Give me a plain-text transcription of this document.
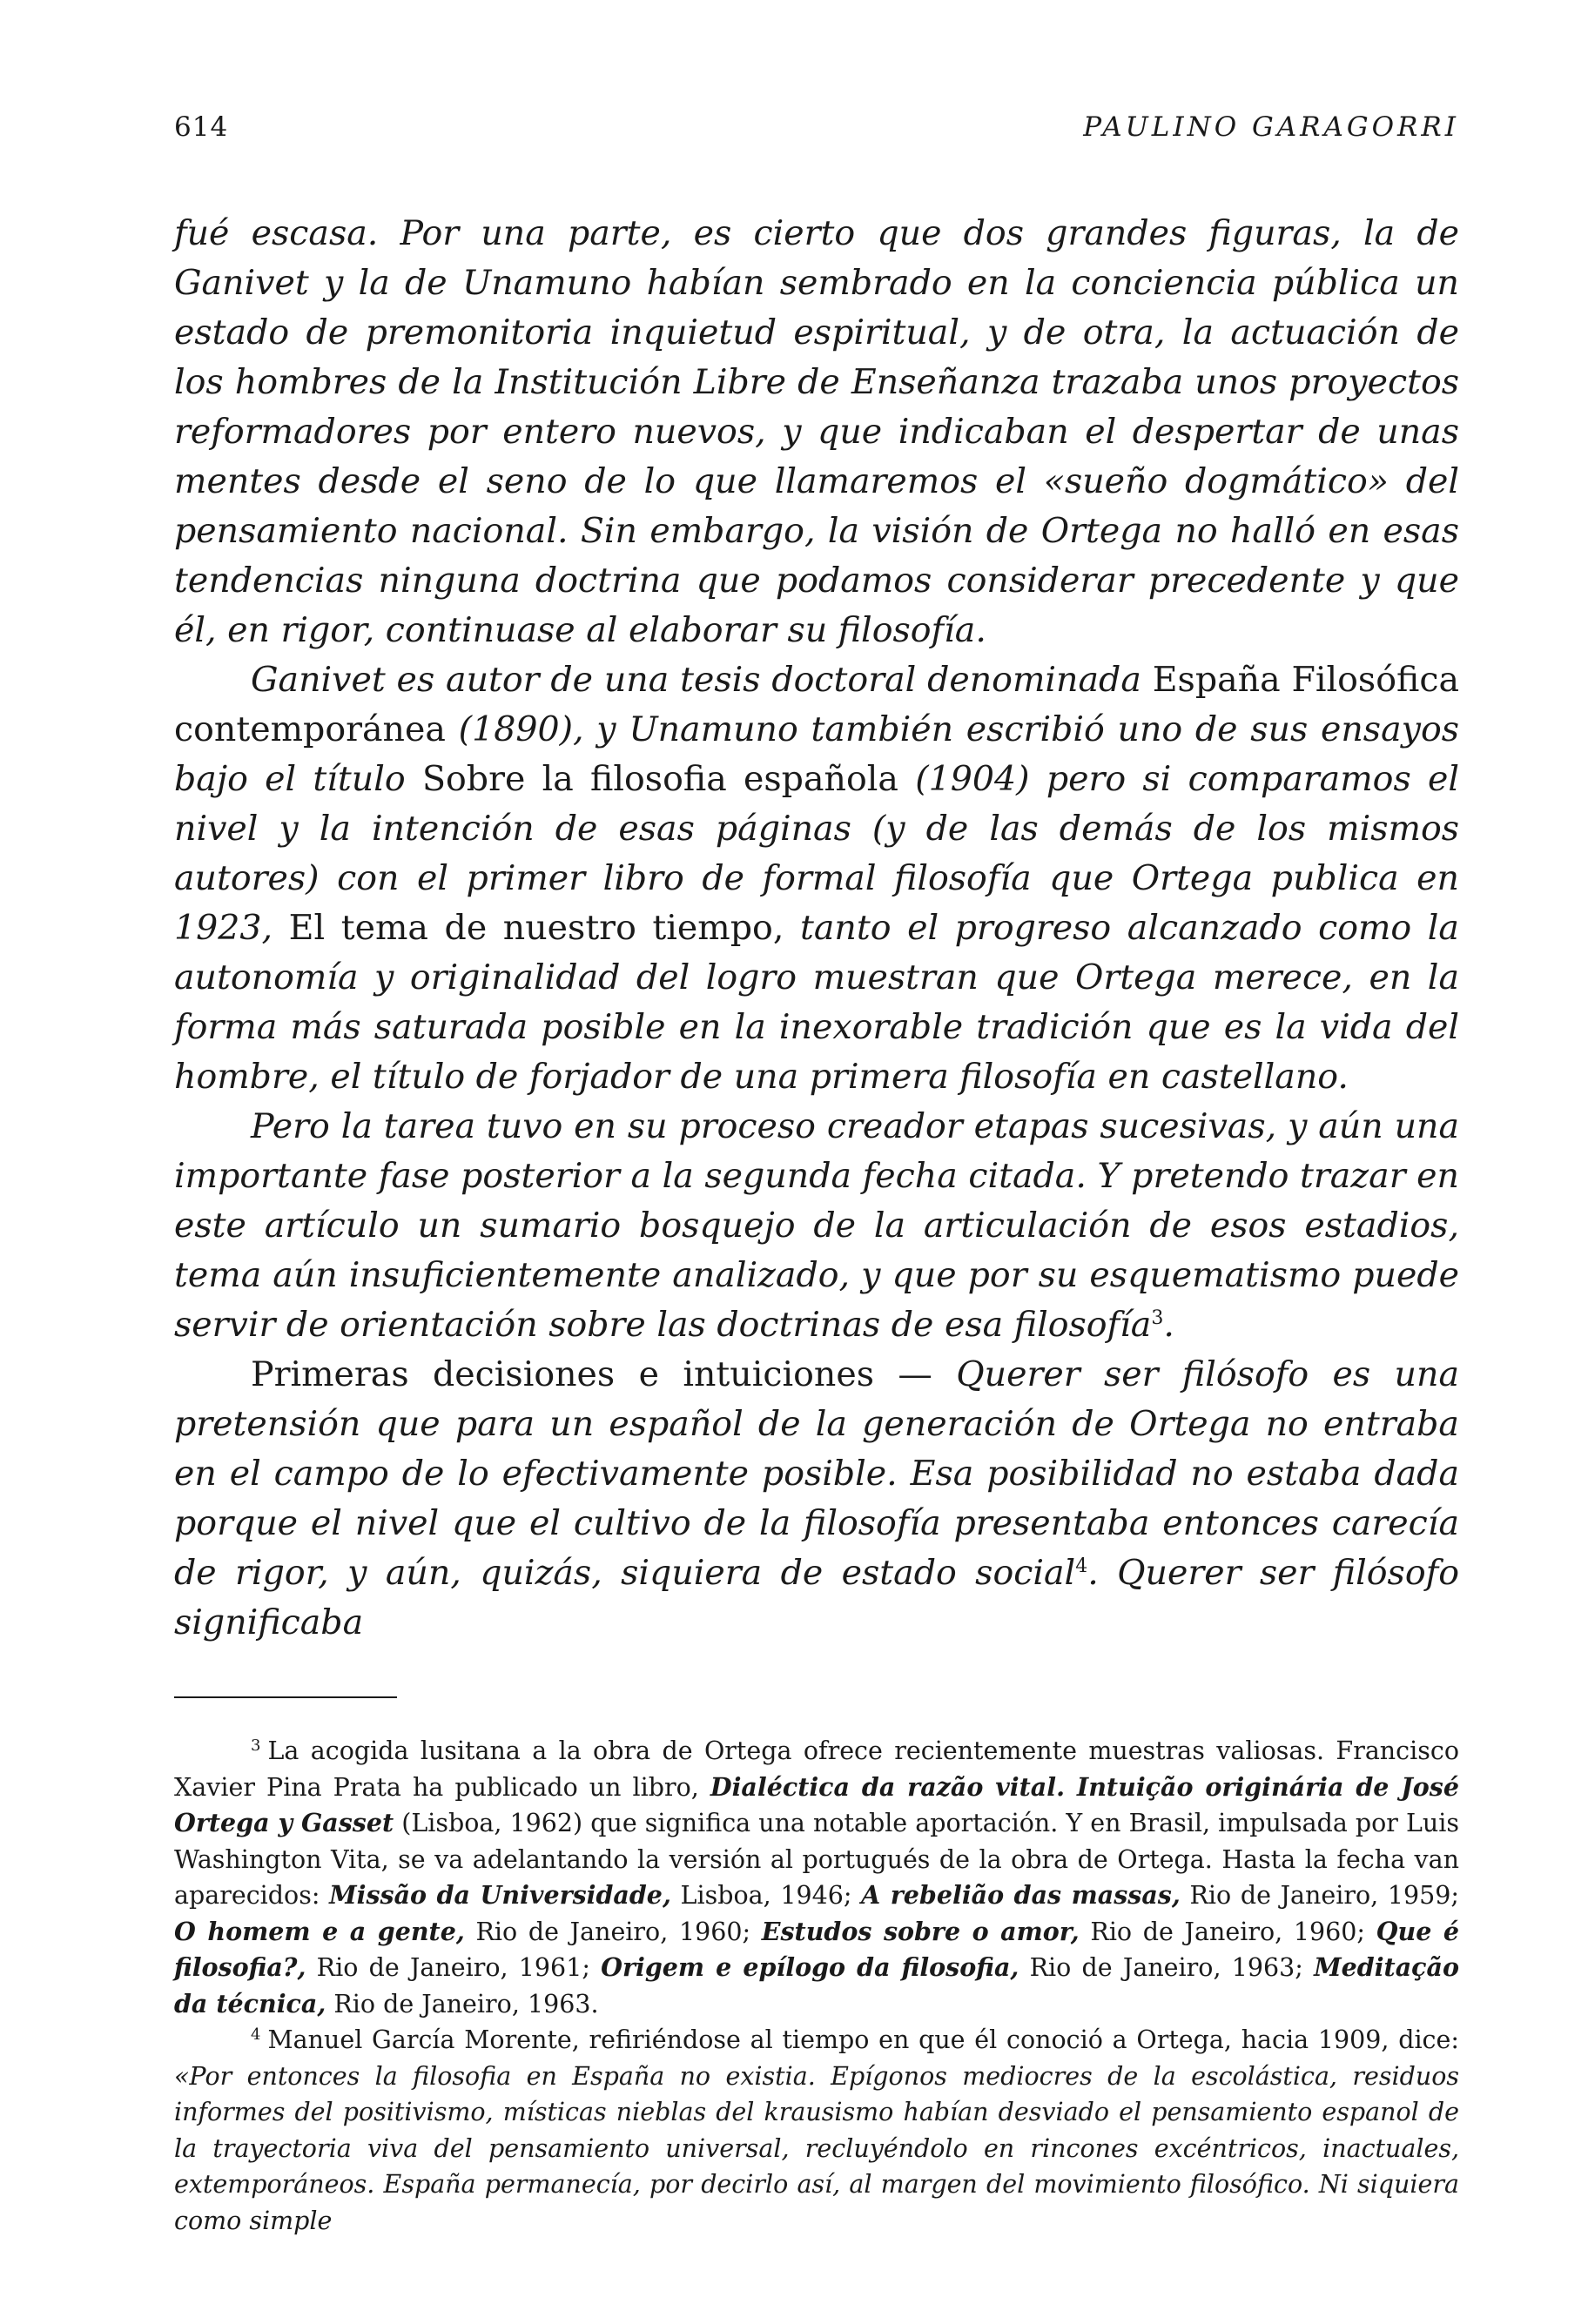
614	PAULINO GARAGORRI

fué escasa. Por una parte, es cierto que dos grandes figuras, la de Ganivet y la de Unamuno habían sembrado en la conciencia pública un estado de premonitoria inquietud espiritual, y de otra, la actuación de los hombres de la Institución Libre de Enseñanza trazaba unos proyectos reformadores por entero nuevos, y que indicaban el despertar de unas mentes desde el seno de lo que llamaremos el «sueño dogmático» del pensamiento nacional. Sin embargo, la visión de Ortega no halló en esas tendencias ninguna doctrina que podamos considerar precedente y que él, en rigor, continuase al elaborar su filosofía.

Ganivet es autor de una tesis doctoral denominada España Filosófica contemporánea (1890), y Unamuno también escribió uno de sus ensayos bajo el título Sobre la filosofia española (1904) pero si comparamos el nivel y la intención de esas páginas (y de las demás de los mismos autores) con el primer libro de formal filosofía que Ortega publica en 1923, El tema de nuestro tiempo, tanto el progreso alcanzado como la autonomía y originalidad del logro muestran que Ortega merece, en la forma más saturada posible en la inexorable tradición que es la vida del hombre, el título de forjador de una primera filosofía en castellano.

Pero la tarea tuvo en su proceso creador etapas sucesivas, y aún una importante fase posterior a la segunda fecha citada. Y pretendo trazar en este artículo un sumario bosquejo de la articulación de esos estadios, tema aún insuficientemente analizado, y que por su esquematismo puede servir de orientación sobre las doctrinas de esa filosofía$^3$.

Primeras decisiones e intuiciones — Querer ser filósofo es una pretensión que para un español de la generación de Ortega no entraba en el campo de lo efectivamente posible. Esa posibilidad no estaba dada porque el nivel que el cultivo de la filosofía presentaba entonces carecía de rigor, y aún, quizás, siquiera de estado social$^4$. Querer ser filósofo significaba

$^3$ La acogida lusitana a la obra de Ortega ofrece recientemente muestras valiosas. Francisco Xavier Pina Prata ha publicado un libro, Dialéctica da razão vital. Intuição originária de José Ortega y Gasset (Lisboa, 1962) que significa una notable aportación. Y en Brasil, impulsada por Luis Washington Vita, se va adelantando la versión al portugués de la obra de Ortega. Hasta la fecha van aparecidos: Missão da Universidade, Lisboa, 1946; A rebelião das massas, Rio de Janeiro, 1959; O homem e a gente, Rio de Janeiro, 1960; Estudos sobre o amor, Rio de Janeiro, 1960; Que é filosofia?, Rio de Janeiro, 1961; Origem e epílogo da filosofia, Rio de Janeiro, 1963; Meditação da técnica, Rio de Janeiro, 1963.

$^4$ Manuel García Morente, refiriéndose al tiempo en que él conoció a Ortega, hacia 1909, dice: «Por entonces la filosofia en España no existia. Epígonos mediocres de la escolástica, residuos informes del positivismo, místicas nieblas del krausismo habían desviado el pensamiento espanol de la trayectoria viva del pensamiento universal, recluyéndolo en rincones excéntricos, inactuales, extemporáneos. España permanecía, por decirlo así, al margen del movimiento filosófico. Ni siquiera como simple
